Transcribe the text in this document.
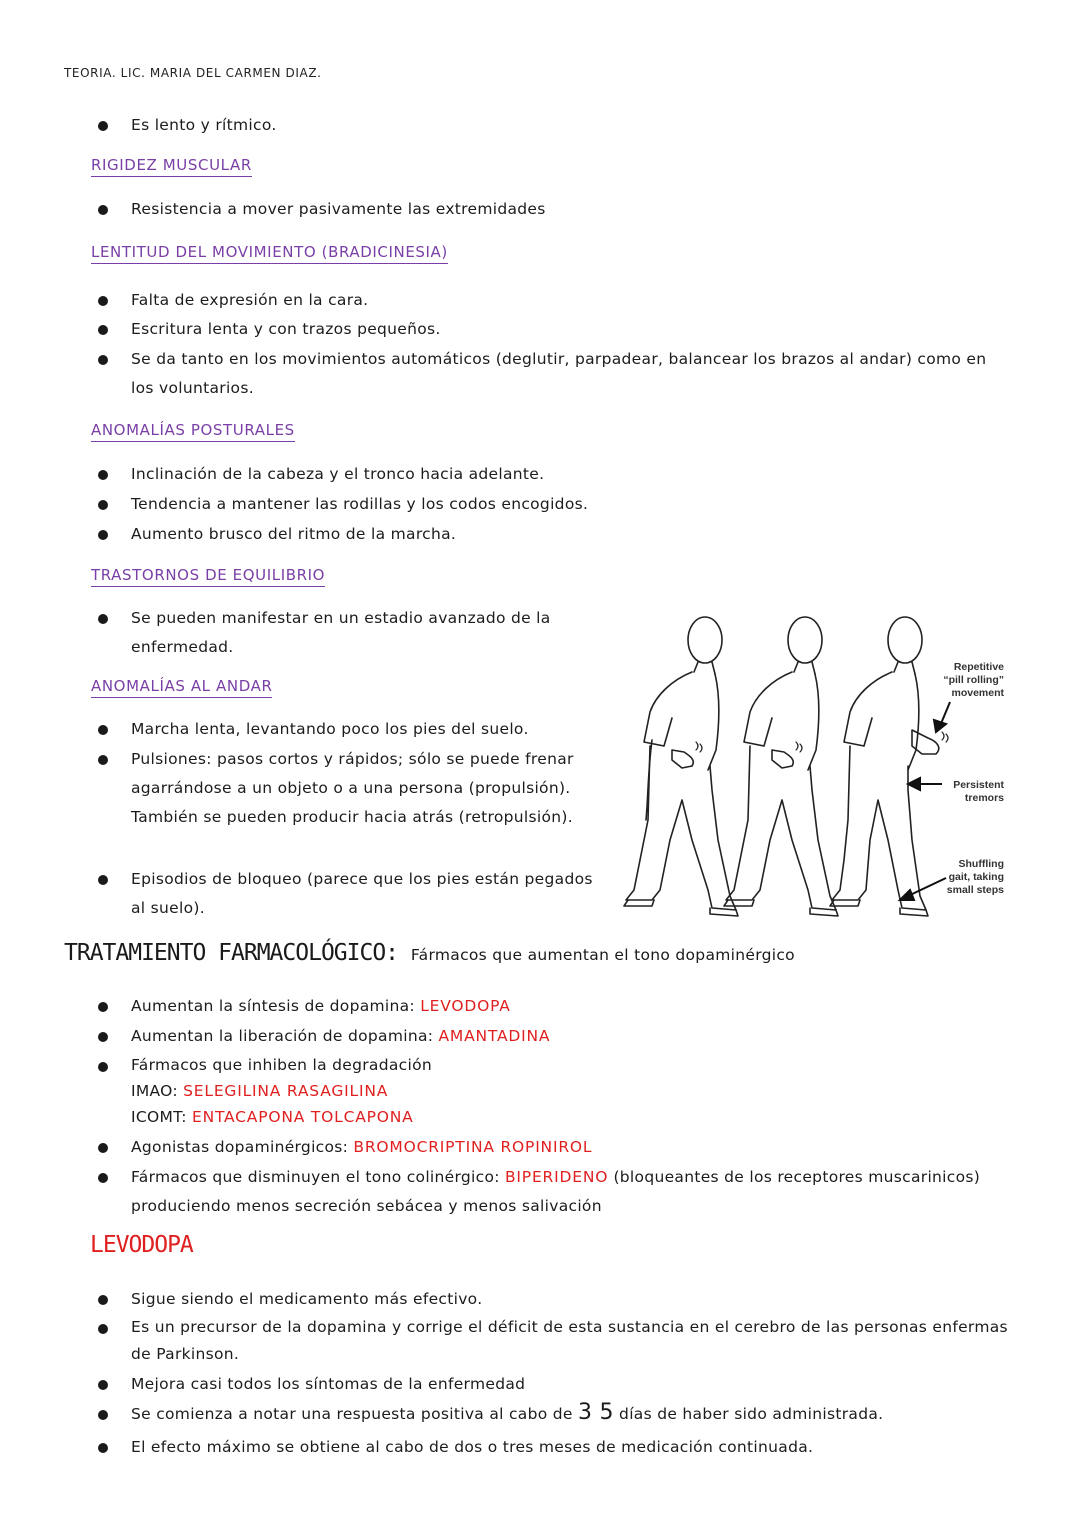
TEORIA. LIC. MARIA DEL CARMEN DIAZ.
Es lento y rítmico.
RIGIDEZ MUSCULAR
Resistencia a mover pasivamente las extremidades
LENTITUD DEL MOVIMIENTO (BRADICINESIA)
Falta de expresión en la cara.
Escritura lenta y con trazos pequeños.
Se da tanto en los movimientos automáticos (deglutir, parpadear, balancear los brazos al andar) como en los voluntarios.
ANOMALÍAS POSTURALES
Inclinación de la cabeza y el tronco hacia adelante.
Tendencia a mantener las rodillas y los codos encogidos.
Aumento brusco del ritmo de la marcha.
TRASTORNOS DE EQUILIBRIO
Se pueden manifestar en un estadio avanzado de la enfermedad.
ANOMALÍAS AL ANDAR
Marcha lenta, levantando poco los pies del suelo.
Pulsiones: pasos cortos y rápidos; sólo se puede frenar agarrándose a un objeto o a una persona (propulsión). También se pueden producir hacia atrás (retropulsión).
Episodios de bloqueo (parece que los pies están pegados al suelo).
Repetitive
“pill rolling”
movement
Persistent
tremors
Shuffling
gait, taking
small steps
TRATAMIENTO FARMACOLÓGICO: Fármacos que aumentan el tono dopaminérgico
Aumentan la síntesis de dopamina: LEVODOPA
Aumentan la liberación de dopamina: AMANTADINA
Fármacos que inhiben la degradación
IMAO: SELEGILINA RASAGILINA
ICOMT: ENTACAPONA TOLCAPONA
Agonistas dopaminérgicos: BROMOCRIPTINA ROPINIROL
Fármacos que disminuyen el tono colinérgico: BIPERIDENO (bloqueantes de los receptores muscarinicos)
produciendo menos secreción sebácea y menos salivación
LEVODOPA
Sigue siendo el medicamento más efectivo.
Es un precursor de la dopamina y corrige el déficit de esta sustancia en el cerebro de las personas enfermas de Parkinson.
Mejora casi todos los síntomas de la enfermedad
Se comienza a notar una respuesta positiva al cabo de 3 5 días de haber sido administrada.
El efecto máximo se obtiene al cabo de dos o tres meses de medicación continuada.
